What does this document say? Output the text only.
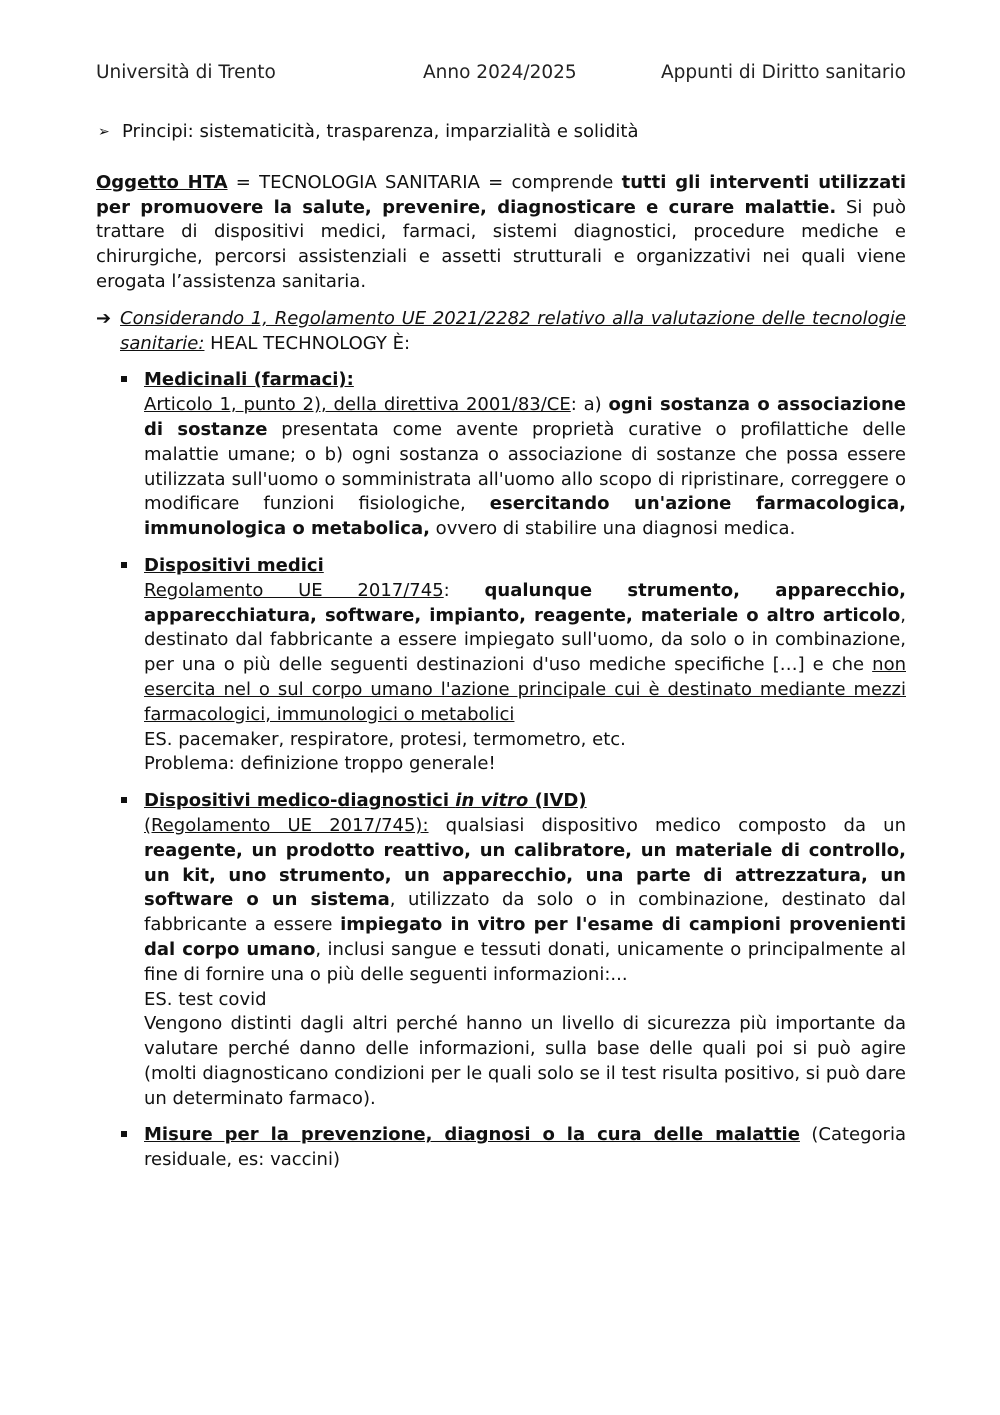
Università di Trento	Anno 2024/2025	Appunti di Diritto sanitario
➢ Principi: sistematicità, trasparenza, imparzialità e solidità

Oggetto HTA = TECNOLOGIA SANITARIA = comprende tutti gli interventi utilizzati per promuovere la salute, prevenire, diagnosticare e curare malattie. Si può trattare di dispositivi medici, farmaci, sistemi diagnostici, procedure mediche e chirurgiche, percorsi assistenziali e assetti strutturali e organizzativi nei quali viene erogata l’assistenza sanitaria.

➔ Considerando 1, Regolamento UE 2021/2282 relativo alla valutazione delle tecnologie sanitarie: HEAL TECHNOLOGY È:

Medicinali (farmaci):

Articolo 1, punto 2), della direttiva 2001/83/CE: a) ogni sostanza o associazione di sostanze presentata come avente proprietà curative o profilattiche delle malattie umane; o b) ogni sostanza o associazione di sostanze che possa essere utilizzata sull'uomo o somministrata all'uomo allo scopo di ripristinare, correggere o modificare funzioni fisiologiche, esercitando un'azione farmacologica, immunologica o metabolica, ovvero di stabilire una diagnosi medica.

Dispositivi medici

Regolamento UE 2017/745: qualunque strumento, apparecchio, apparecchiatura, software, impianto, reagente, materiale o altro articolo, destinato dal fabbricante a essere impiegato sull'uomo, da solo o in combinazione, per una o più delle seguenti destinazioni d'uso mediche specifiche […] e che non esercita nel o sul corpo umano l'azione principale cui è destinato mediante mezzi farmacologici, immunologici o metabolici

ES. pacemaker, respiratore, protesi, termometro, etc.

Problema: definizione troppo generale!

Dispositivi medico-diagnostici in vitro (IVD)

(Regolamento UE 2017/745): qualsiasi dispositivo medico composto da un reagente, un prodotto reattivo, un calibratore, un materiale di controllo, un kit, uno strumento, un apparecchio, una parte di attrezzatura, un software o un sistema, utilizzato da solo o in combinazione, destinato dal fabbricante a essere impiegato in vitro per l'esame di campioni provenienti dal corpo umano, inclusi sangue e tessuti donati, unicamente o principalmente al fine di fornire una o più delle seguenti informazioni:...

ES. test covid

Vengono distinti dagli altri perché hanno un livello di sicurezza più importante da valutare perché danno delle informazioni, sulla base delle quali poi si può agire (molti diagnosticano condizioni per le quali solo se il test risulta positivo, si può dare un determinato farmaco).

Misure per la prevenzione, diagnosi o la cura delle malattie (Categoria residuale, es: vaccini)
